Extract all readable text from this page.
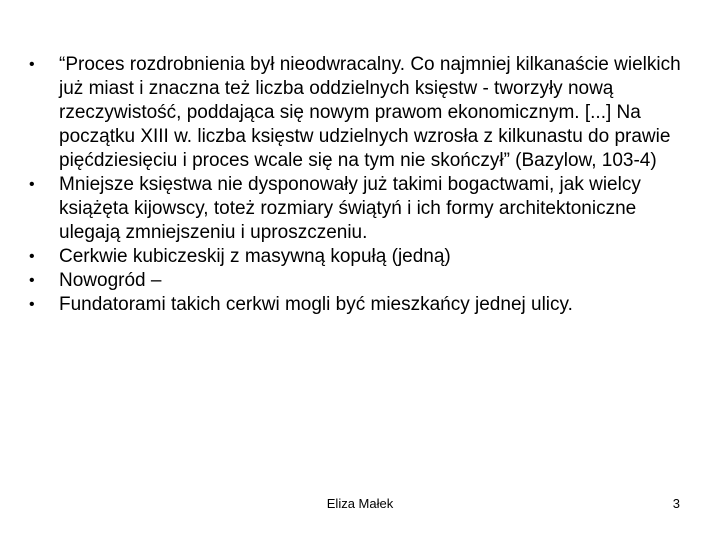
•	“Proces rozdrobnienia był nieodwracalny. Co najmniej kilkanaście wielkich już miast i znaczna też liczba oddzielnych księstw - tworzyły nową rzeczywistość, poddająca się nowym prawom ekonomicznym. [...] Na początku XIII w. liczba księstw udzielnych wzrosła z kilkunastu do prawie pięćdziesięciu i proces wcale się na tym nie skończył” (Bazylow, 103-4)
•	Mniejsze księstwa nie dysponowały już takimi bogactwami, jak wielcy książęta kijowscy, toteż rozmiary świątyń i ich formy architektoniczne ulegają zmniejszeniu i uproszczeniu.
•	Cerkwie kubiczeskij z masywną kopułą (jedną)
•	Nowogród –
•	Fundatorami takich cerkwi mogli być mieszkańcy jednej ulicy.
Eliza Małek	3
